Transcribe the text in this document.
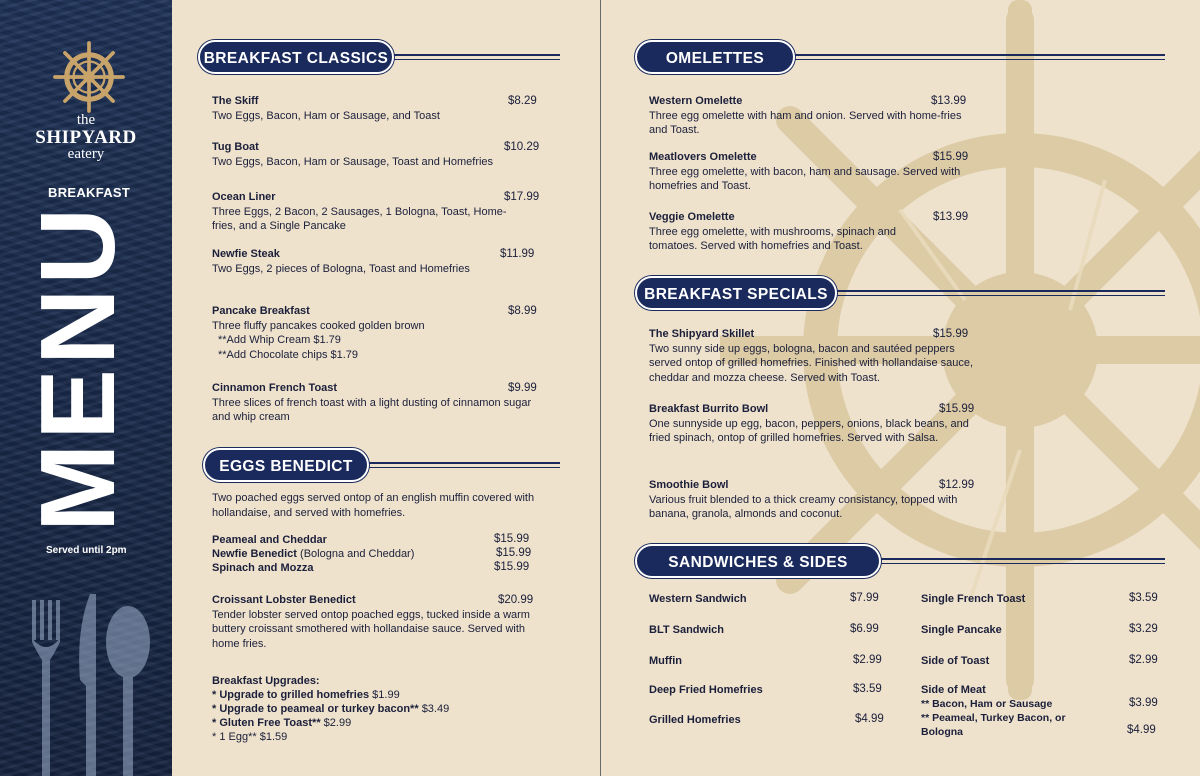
the
SHIPYARD
eatery
BREAKFAST
MENU
Served until 2pm
BREAKFAST CLASSICS
The Skiff
Two Eggs, Bacon, Ham or Sausage, and Toast
$8.29
Tug Boat
Two Eggs, Bacon, Ham or Sausage, Toast and Homefries
$10.29
Ocean Liner
Three Eggs, 2 Bacon, 2 Sausages, 1 Bologna, Toast, Home-fries, and a Single Pancake
$17.99
Newfie Steak
Two Eggs, 2 pieces of Bologna, Toast and Homefries
$11.99
Pancake Breakfast
Three fluffy pancakes cooked golden brown
**Add Whip Cream $1.79
**Add Chocolate chips $1.79
$8.99
Cinnamon French Toast
Three slices of french toast with a light dusting of cinnamon sugar and whip cream
$9.99
EGGS BENEDICT
Two poached eggs served ontop of an english muffin covered with hollandaise, and served with homefries.
Peameal and Cheddar	$15.99
Newfie Benedict (Bologna and Cheddar)	$15.99
Spinach and Mozza	$15.99
Croissant Lobster Benedict
Tender lobster served ontop poached eggs, tucked inside a warm buttery croissant smothered with hollandaise sauce. Served with home fries.
$20.99
Breakfast Upgrades:
* Upgrade to grilled homefries $1.99
* Upgrade to peameal or turkey bacon** $3.49
* Gluten Free Toast** $2.99
* 1 Egg** $1.59
OMELETTES
Western Omelette
Three egg omelette with ham and onion. Served with home-fries and Toast.
$13.99
Meatlovers Omelette
Three egg omelette, with bacon, ham and sausage. Served with homefries and Toast.
$15.99
Veggie Omelette
Three egg omelette, with mushrooms, spinach and tomatoes. Served with homefries and Toast.
$13.99
BREAKFAST SPECIALS
The Shipyard Skillet
Two sunny side up eggs, bologna, bacon and sautéed peppers served ontop of grilled homefries. Finished with hollandaise sauce, cheddar and mozza cheese. Served with Toast.
$15.99
Breakfast Burrito Bowl
One sunnyside up egg, bacon, peppers, onions, black beans, and fried spinach, ontop of grilled homefries. Served with Salsa.
$15.99
Smoothie Bowl
Various fruit blended to a thick creamy consistancy, topped with banana, granola, almonds and coconut.
$12.99
SANDWICHES & SIDES
Western Sandwich	$7.99
BLT Sandwich	$6.99
Muffin	$2.99
Deep Fried Homefries	$3.59
Grilled Homefries	$4.99
Single French Toast	$3.59
Single Pancake	$3.29
Side of Toast	$2.99
Side of Meat
** Bacon, Ham or Sausage	$3.99
** Peameal, Turkey Bacon, or
Bologna	$4.99
